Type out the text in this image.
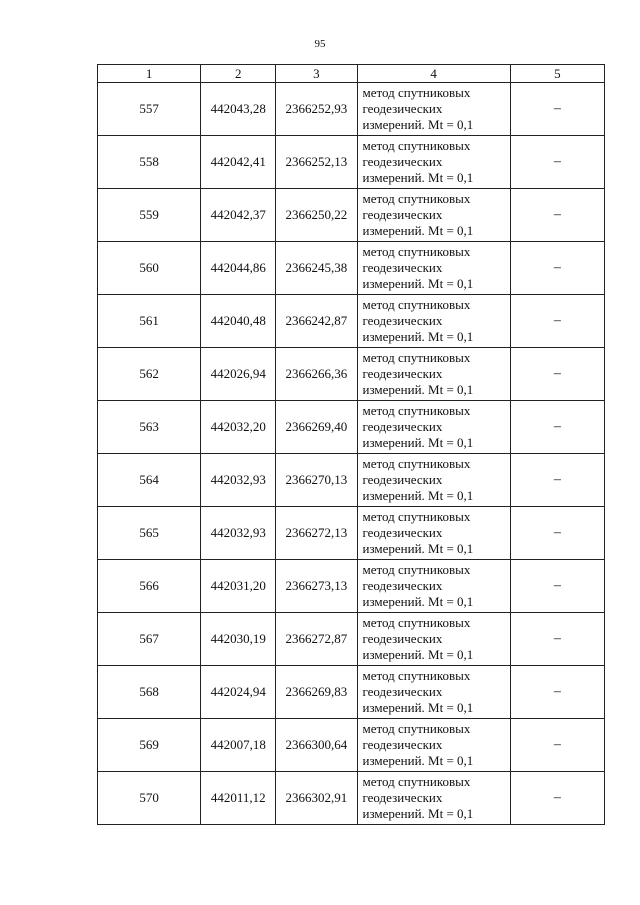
95
1	2	3	4	5
557	442043,28	2366252,93	метод спутниковых
геодезических
измерений. Mt = 0,1	–
558	442042,41	2366252,13	метод спутниковых
геодезических
измерений. Mt = 0,1	–
559	442042,37	2366250,22	метод спутниковых
геодезических
измерений. Mt = 0,1	–
560	442044,86	2366245,38	метод спутниковых
геодезических
измерений. Mt = 0,1	–
561	442040,48	2366242,87	метод спутниковых
геодезических
измерений. Mt = 0,1	–
562	442026,94	2366266,36	метод спутниковых
геодезических
измерений. Mt = 0,1	–
563	442032,20	2366269,40	метод спутниковых
геодезических
измерений. Mt = 0,1	–
564	442032,93	2366270,13	метод спутниковых
геодезических
измерений. Mt = 0,1	–
565	442032,93	2366272,13	метод спутниковых
геодезических
измерений. Mt = 0,1	–
566	442031,20	2366273,13	метод спутниковых
геодезических
измерений. Mt = 0,1	–
567	442030,19	2366272,87	метод спутниковых
геодезических
измерений. Mt = 0,1	–
568	442024,94	2366269,83	метод спутниковых
геодезических
измерений. Mt = 0,1	–
569	442007,18	2366300,64	метод спутниковых
геодезических
измерений. Mt = 0,1	–
570	442011,12	2366302,91	метод спутниковых
геодезических
измерений. Mt = 0,1	–
